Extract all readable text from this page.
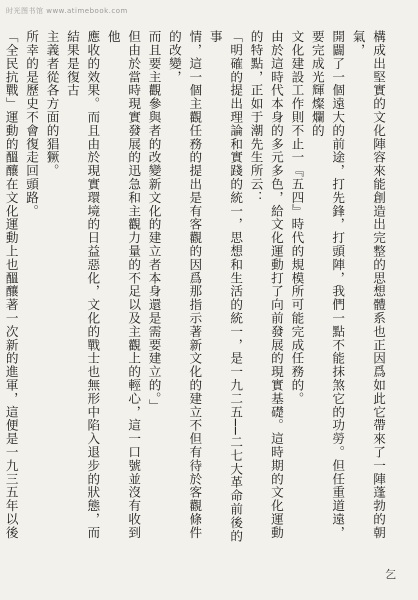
时光图书馆 www.atimebook.com

構成出堅實的文化陣容來能創造出完整的思想體系也正因爲如此它帶來了一陣蓬勃的朝氣，

開闢了一個遠大的前途，打先鋒，打頭陣，我們一點不能抹煞它的功勞。但任重道遠，要完成光輝燦爛的

文化建設工作則不止一『五四』時代的規模所可能完成任務的。

由於這時代本身的多元多色，給文化運動打了向前發展的現實基礎。這時期的文化運動

的特點，正如于潮先生所云：

「明確的提出理論和實踐的統一，思想和生活的統一，是一九二五──二七大革命前後的事

情，這一個主觀任務的提出是有客觀的因爲那指示著新文化的建立不但有待於客觀條件的改變，

而且要主觀參與者的改變新文化的建立者本身還是需要建立的。」

但由於當時現實發展的迅急和主觀力量的不足以及主觀上的輕心，這一口號並沒有收到他

應收的效果。而且由於現實環境的日益惡化，文化的戰士也無形中陷入退步的狀態，而結果是復古

主義者從各方面的猖獗。

所幸的是歷史不會復走回頭路。

「全民抗戰」運動的醞釀在文化運動上也醞釀著一次新的進軍，這便是一九三五年以後

乞
